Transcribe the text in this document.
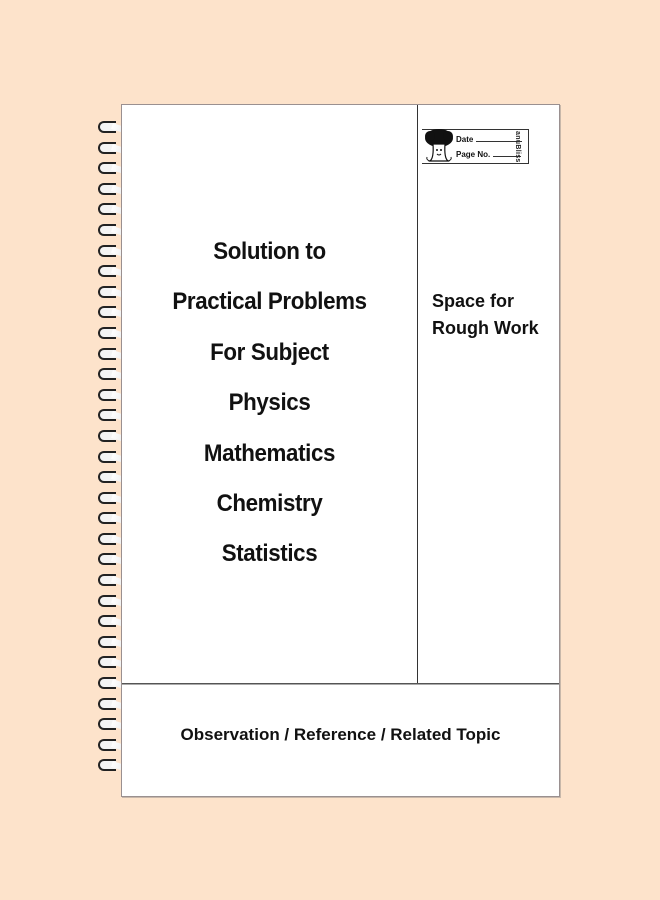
Solution to
Practical Problems
For Subject
Physics
Mathematics
Chemistry
Statistics
Date
Page No.	anuBliss
Space for
Rough Work
Observation / Reference / Related Topic
